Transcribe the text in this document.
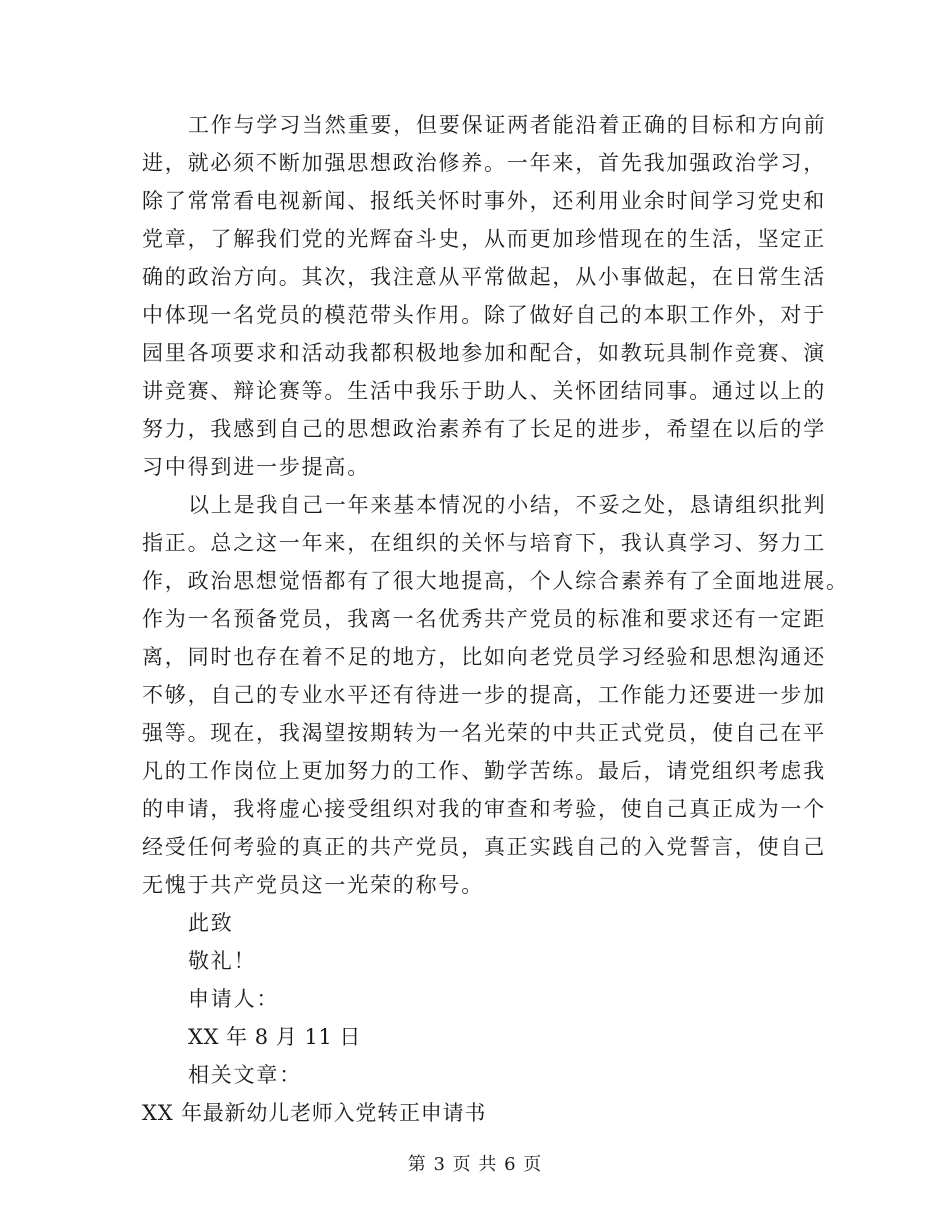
工作与学习当然重要，但要保证两者能沿着正确的目标和方向前
进，就必须不断加强思想政治修养。一年来，首先我加强政治学习，
除了常常看电视新闻、报纸关怀时事外，还利用业余时间学习党史和
党章，了解我们党的光辉奋斗史，从而更加珍惜现在的生活，坚定正
确的政治方向。其次，我注意从平常做起，从小事做起，在日常生活
中体现一名党员的模范带头作用。除了做好自己的本职工作外，对于
园里各项要求和活动我都积极地参加和配合，如教玩具制作竞赛、演
讲竞赛、辩论赛等。生活中我乐于助人、关怀团结同事。通过以上的
努力，我感到自己的思想政治素养有了长足的进步，希望在以后的学
习中得到进一步提高。
以上是我自己一年来基本情况的小结，不妥之处，恳请组织批判
指正。总之这一年来，在组织的关怀与培育下，我认真学习、努力工
作，政治思想觉悟都有了很大地提高，个人综合素养有了全面地进展。
作为一名预备党员，我离一名优秀共产党员的标准和要求还有一定距
离，同时也存在着不足的地方，比如向老党员学习经验和思想沟通还
不够，自己的专业水平还有待进一步的提高，工作能力还要进一步加
强等。现在，我渴望按期转为一名光荣的中共正式党员，使自己在平
凡的工作岗位上更加努力的工作、勤学苦练。最后，请党组织考虑我
的申请，我将虚心接受组织对我的审查和考验，使自己真正成为一个
经受任何考验的真正的共产党员，真正实践自己的入党誓言，使自己
无愧于共产党员这一光荣的称号。
此致
敬礼！
申请人：
XX 年 8 月 11 日
相关文章：
XX 年最新幼儿老师入党转正申请书
第 3 页 共 6 页
